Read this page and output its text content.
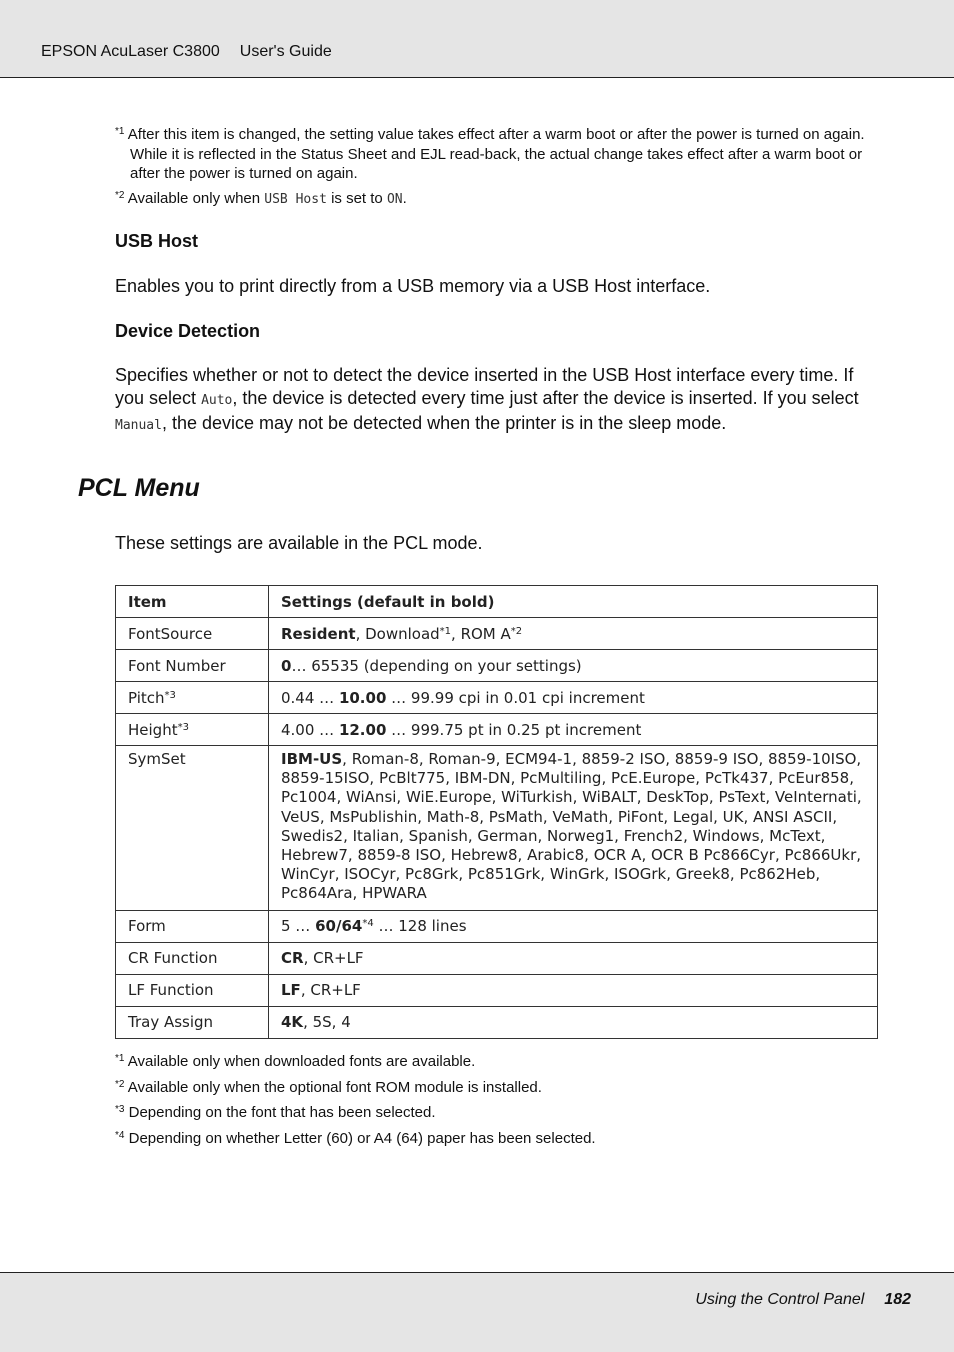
EPSON AcuLaser C3800 User's Guide
$^{*1}$ After this item is changed, the setting value takes effect after a warm boot or after the power is turned on again. While it is reflected in the Status Sheet and EJL read-back, the actual change takes effect after a warm boot or after the power is turned on again.
$^{*2}$ Available only when USB Host is set to ON.
USB Host
Enables you to print directly from a USB memory via a USB Host interface.
Device Detection
Specifies whether or not to detect the device inserted in the USB Host interface every time. If you select Auto, the device is detected every time just after the device is inserted. If you select Manual, the device may not be detected when the printer is in the sleep mode.
PCL Menu
These settings are available in the PCL mode.
Item	Settings (default in bold)
FontSource	Resident, Download$^{*1}$, ROM $A^{*2}$
Font Number	0… 65535 (depending on your settings)
Pitch$^{*3}$	0.44 … 10.00 … 99.99 cpi in 0.01 cpi increment
Height$^{*3}$	4.00 … 12.00 … 999.75 pt in 0.25 pt increment
SymSet	IBM-US, Roman-8, Roman-9, ECM94-1, 8859-2 ISO, 8859-9 ISO, 8859-10ISO, 8859-15ISO, PcBlt775, IBM-DN, PcMultiling, PcE.Europe, PcTk437, PcEur858, Pc1004, WiAnsi, WiE.Europe, WiTurkish, WiBALT, DeskTop, PsText, VeInternati, VeUS, MsPublishin, Math-8, PsMath, VeMath, PiFont, Legal, UK, ANSI ASCII, Swedis2, Italian, Spanish, German, Norweg1, French2, Windows, McText, Hebrew7, 8859-8 ISO, Hebrew8, Arabic8, OCR A, OCR B Pc866Cyr, Pc866Ukr, WinCyr, ISOCyr, Pc8Grk, Pc851Grk, WinGrk, ISOGrk, Greek8, Pc862Heb, Pc864Ara, HPWARA
Form	5 … 60/64$^{*4}$ … 128 lines
CR Function	CR, CR+LF
LF Function	LF, CR+LF
Tray Assign	4K, 5S, 4
$^{*1}$ Available only when downloaded fonts are available.
$^{*2}$ Available only when the optional font ROM module is installed.
$^{*3}$ Depending on the font that has been selected.
$^{*4}$ Depending on whether Letter (60) or A4 (64) paper has been selected.
Using the Control Panel 182
